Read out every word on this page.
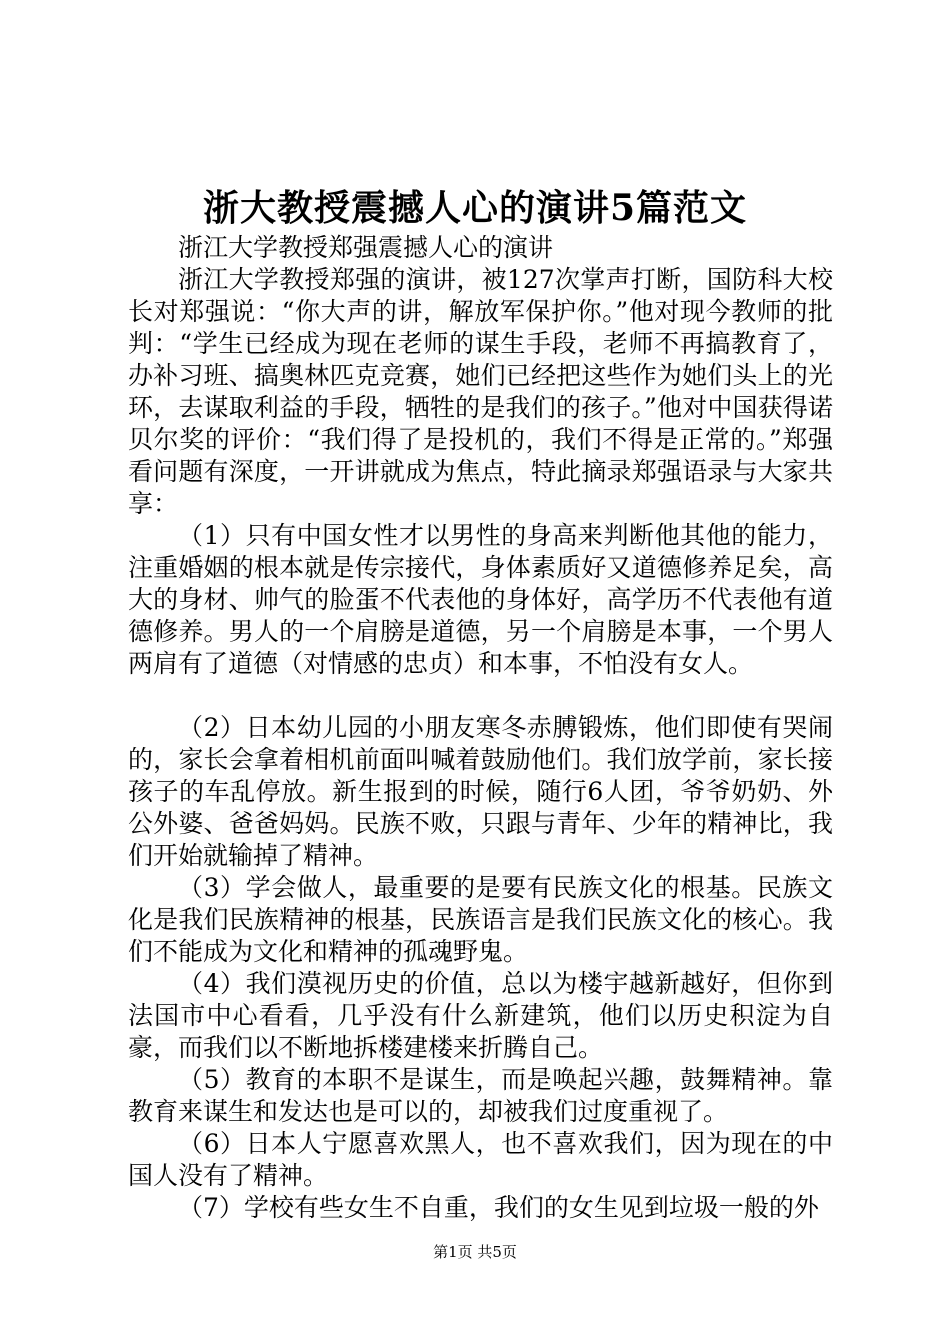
浙大教授震撼人心的演讲5篇范文

浙江大学教授郑强震撼人心的演讲

浙江大学教授郑强的演讲，被127次掌声打断，国防科大校长对郑强说：“你大声的讲，解放军保护你。”他对现今教师的批判：“学生已经成为现在老师的谋生手段，老师不再搞教育了，办补习班、搞奥林匹克竞赛，她们已经把这些作为她们头上的光环，去谋取利益的手段，牺牲的是我们的孩子。”他对中国获得诺贝尔奖的评价：“我们得了是投机的，我们不得是正常的。”郑强看问题有深度，一开讲就成为焦点，特此摘录郑强语录与大家共享：

（1）只有中国女性才以男性的身高来判断他其他的能力，注重婚姻的根本就是传宗接代，身体素质好又道德修养足矣，高大的身材、帅气的脸蛋不代表他的身体好，高学历不代表他有道德修养。男人的一个肩膀是道德，另一个肩膀是本事，一个男人两肩有了道德（对情感的忠贞）和本事，不怕没有女人。

（2）日本幼儿园的小朋友寒冬赤膊锻炼，他们即使有哭闹的，家长会拿着相机前面叫喊着鼓励他们。我们放学前，家长接孩子的车乱停放。新生报到的时候，随行6人团，爷爷奶奶、外公外婆、爸爸妈妈。民族不败，只跟与青年、少年的精神比，我们开始就输掉了精神。

（3）学会做人，最重要的是要有民族文化的根基。民族文化是我们民族精神的根基，民族语言是我们民族文化的核心。我们不能成为文化和精神的孤魂野鬼。

（4）我们漠视历史的价值，总以为楼宇越新越好，但你到法国市中心看看，几乎没有什么新建筑，他们以历史积淀为自豪，而我们以不断地拆楼建楼来折腾自己。

（5）教育的本职不是谋生，而是唤起兴趣，鼓舞精神。靠教育来谋生和发达也是可以的，却被我们过度重视了。

（6）日本人宁愿喜欢黑人，也不喜欢我们，因为现在的中国人没有了精神。

（7）学校有些女生不自重，我们的女生见到垃圾一般的外

第1页 共5页
